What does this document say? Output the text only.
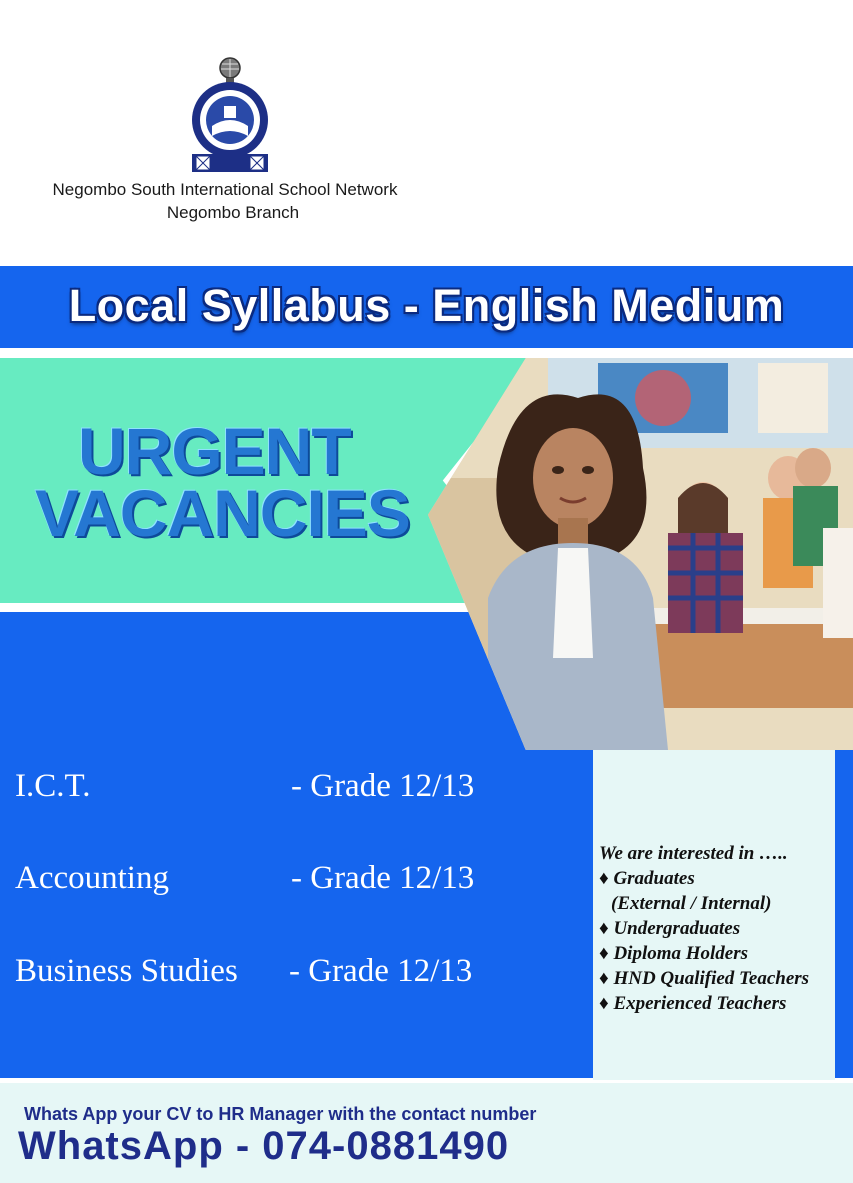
Negombo South International School Network
Negombo Branch
Local Syllabus - English Medium
URGENT
VACANCIES
I.C.T.	- Grade 12/13
Accounting	- Grade 12/13
Business Studies - Grade 12/13
We are interested in …..
♦ Graduates
(External / Internal)
♦ Undergraduates
♦ Diploma Holders
♦ HND Qualified Teachers
♦ Experienced Teachers
Whats App your CV to HR Manager with the contact number
WhatsApp - 074-0881490
